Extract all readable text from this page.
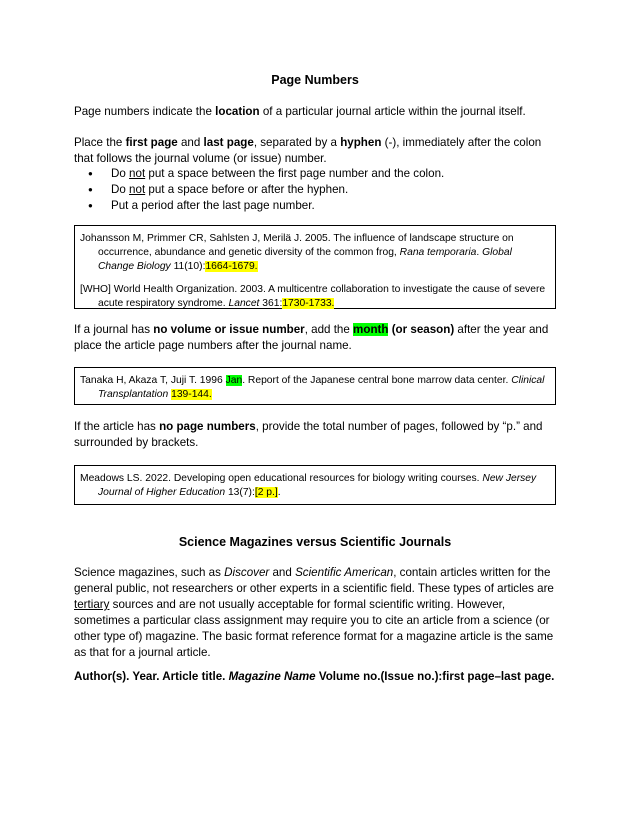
Page Numbers
Page numbers indicate the location of a particular journal article within the journal itself.
Place the first page and last page, separated by a hyphen (-), immediately after the colon that follows the journal volume (or issue) number.
● Do not put a space between the first page number and the colon.
● Do not put a space before or after the hyphen.
● Put a period after the last page number.

Johansson M, Primmer CR, Sahlsten J, Merilä J. 2005. The influence of landscape structure on occurrence, abundance and genetic diversity of the common frog, Rana temporaria. Global Change Biology 11(10):1664-1679.

[WHO] World Health Organization. 2003. A multicentre collaboration to investigate the cause of severe acute respiratory syndrome. Lancet 361:1730-1733.

If a journal has no volume or issue number, add the month (or season) after the year and place the article page numbers after the journal name.

Tanaka H, Akaza T, Juji T. 1996 Jan. Report of the Japanese central bone marrow data center. Clinical Transplantation 139-144.

If the article has no page numbers, provide the total number of pages, followed by “p.” and surrounded by brackets.

Meadows LS. 2022. Developing open educational resources for biology writing courses. New Jersey Journal of Higher Education 13(7):[2 p.].

Science Magazines versus Scientific Journals
Science magazines, such as Discover and Scientific American, contain articles written for the general public, not researchers or other experts in a scientific field. These types of articles are tertiary sources and are not usually acceptable for formal scientific writing. However, sometimes a particular class assignment may require you to cite an article from a science (or other type of) magazine. The basic format reference format for a magazine article is the same as that for a journal article.
Author(s). Year. Article title. Magazine Name Volume no.(Issue no.):first page–last page.
